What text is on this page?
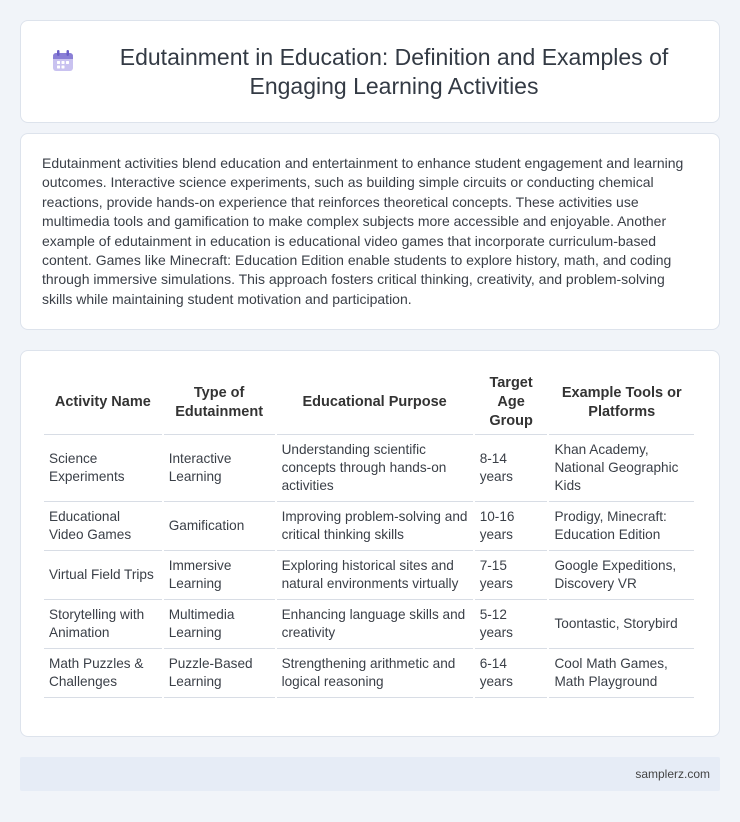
Edutainment in Education: Definition and Examples of Engaging Learning Activities

Edutainment activities blend education and entertainment to enhance student engagement and learning outcomes. Interactive science experiments, such as building simple circuits or conducting chemical reactions, provide hands-on experience that reinforces theoretical concepts. These activities use multimedia tools and gamification to make complex subjects more accessible and enjoyable. Another example of edutainment in education is educational video games that incorporate curriculum-based content. Games like Minecraft: Education Edition enable students to explore history, math, and coding through immersive simulations. This approach fosters critical thinking, creativity, and problem-solving skills while maintaining student motivation and participation.

Activity Name	Type of Edutainment	Educational Purpose	Target Age Group	Example Tools or Platforms
Science Experiments	Interactive Learning	Understanding scientific concepts through hands-on activities	8-14 years	Khan Academy, National Geographic Kids
Educational Video Games	Gamification	Improving problem-solving and critical thinking skills	10-16 years	Prodigy, Minecraft: Education Edition
Virtual Field Trips	Immersive Learning	Exploring historical sites and natural environments virtually	7-15 years	Google Expeditions, Discovery VR
Storytelling with Animation	Multimedia Learning	Enhancing language skills and creativity	5-12 years	Toontastic, Storybird
Math Puzzles & Challenges	Puzzle-Based Learning	Strengthening arithmetic and logical reasoning	6-14 years	Cool Math Games, Math Playground
samplerz.com
